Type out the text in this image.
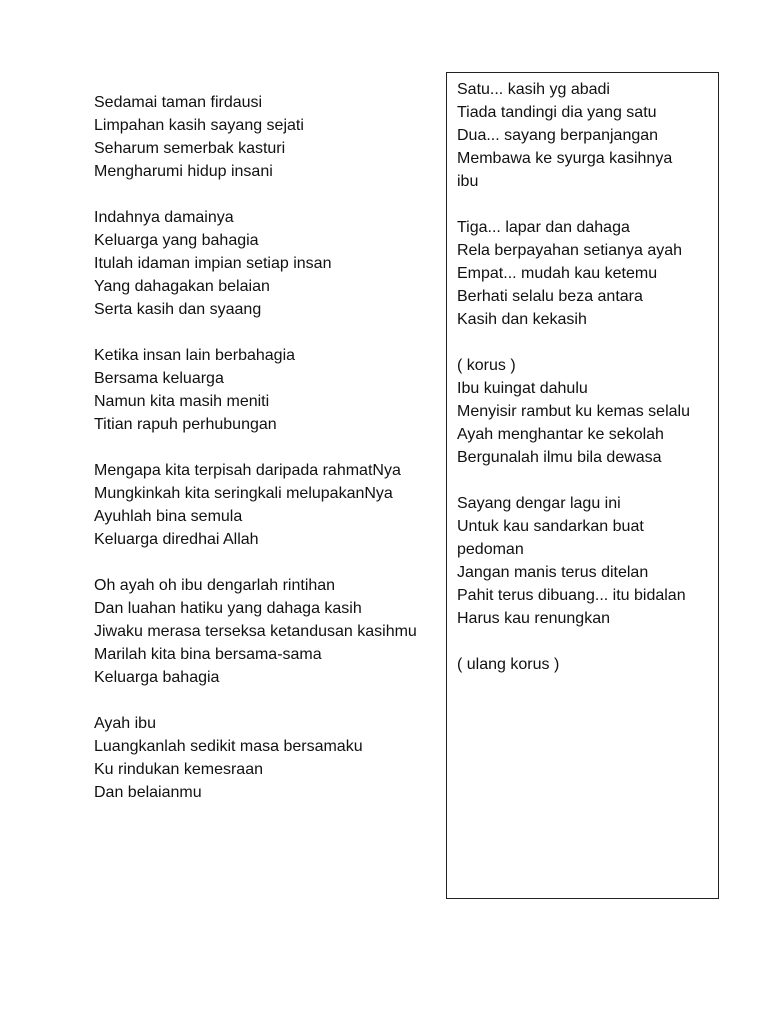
Sedamai taman firdausi
Limpahan kasih sayang sejati
Seharum semerbak kasturi
Mengharumi hidup insani
Indahnya damainya
Keluarga yang bahagia
Itulah idaman impian setiap insan
Yang dahagakan belaian
Serta kasih dan syaang
Ketika insan lain berbahagia
Bersama keluarga
Namun kita masih meniti
Titian rapuh perhubungan
Mengapa kita terpisah daripada rahmatNya
Mungkinkah kita seringkali melupakanNya
Ayuhlah bina semula
Keluarga diredhai Allah
Oh ayah oh ibu dengarlah rintihan
Dan luahan hatiku yang dahaga kasih
Jiwaku merasa terseksa ketandusan kasihmu
Marilah kita bina bersama-sama
Keluarga bahagia
Ayah ibu
Luangkanlah sedikit masa bersamaku
Ku rindukan kemesraan
Dan belaianmu
Satu... kasih yg abadi
Tiada tandingi dia yang satu
Dua... sayang berpanjangan
Membawa ke syurga kasihnya
ibu
Tiga... lapar dan dahaga
Rela berpayahan setianya ayah
Empat... mudah kau ketemu
Berhati selalu beza antara
Kasih dan kekasih
( korus )
Ibu kuingat dahulu
Menyisir rambut ku kemas selalu
Ayah menghantar ke sekolah
Bergunalah ilmu bila dewasa
Sayang dengar lagu ini
Untuk kau sandarkan buat
pedoman
Jangan manis terus ditelan
Pahit terus dibuang... itu bidalan
Harus kau renungkan
( ulang korus )
